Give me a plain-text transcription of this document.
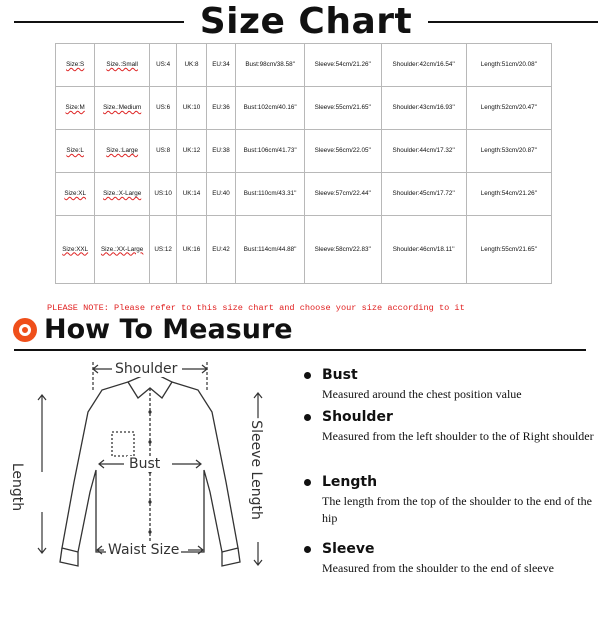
Size Chart
Size:S	Size.:Small	US:4	UK:8	EU:34	Bust:98cm/38.58''	Sleeve:54cm/21.26''	Shoulder:42cm/16.54''	Length:51cm/20.08''
Size:M	Size.:Medium	US:6	UK:10	EU:36	Bust:102cm/40.16''	Sleeve:55cm/21.65''	Shoulder:43cm/16.93''	Length:52cm/20.47''
Size:L	Size.:Large	US:8	UK:12	EU:38	Bust:106cm/41.73''	Sleeve:56cm/22.05''	Shoulder:44cm/17.32''	Length:53cm/20.87''
Size:XL	Size.:X-Large	US:10	UK:14	EU:40	Bust:110cm/43.31''	Sleeve:57cm/22.44''	Shoulder:45cm/17.72''	Length:54cm/21.26''
Size:XXL	Size.:XX-Large	US:12	UK:16	EU:42	Bust:114cm/44.88''	Sleeve:58cm/22.83''	Shoulder:46cm/18.11''	Length:55cm/21.65''
PLEASE NOTE: Please refer to this size chart and choose your size according to it
How To Measure
Shoulder
Bust
Waist Size
Length	Sleeve Length
Bust
Measured around the chest position value
Shoulder
Measured from the left shoulder to the of Right shoulder
Length
The length from the top of the shoulder to the end of the hip
Sleeve
Measured from the shoulder to the end of sleeve
